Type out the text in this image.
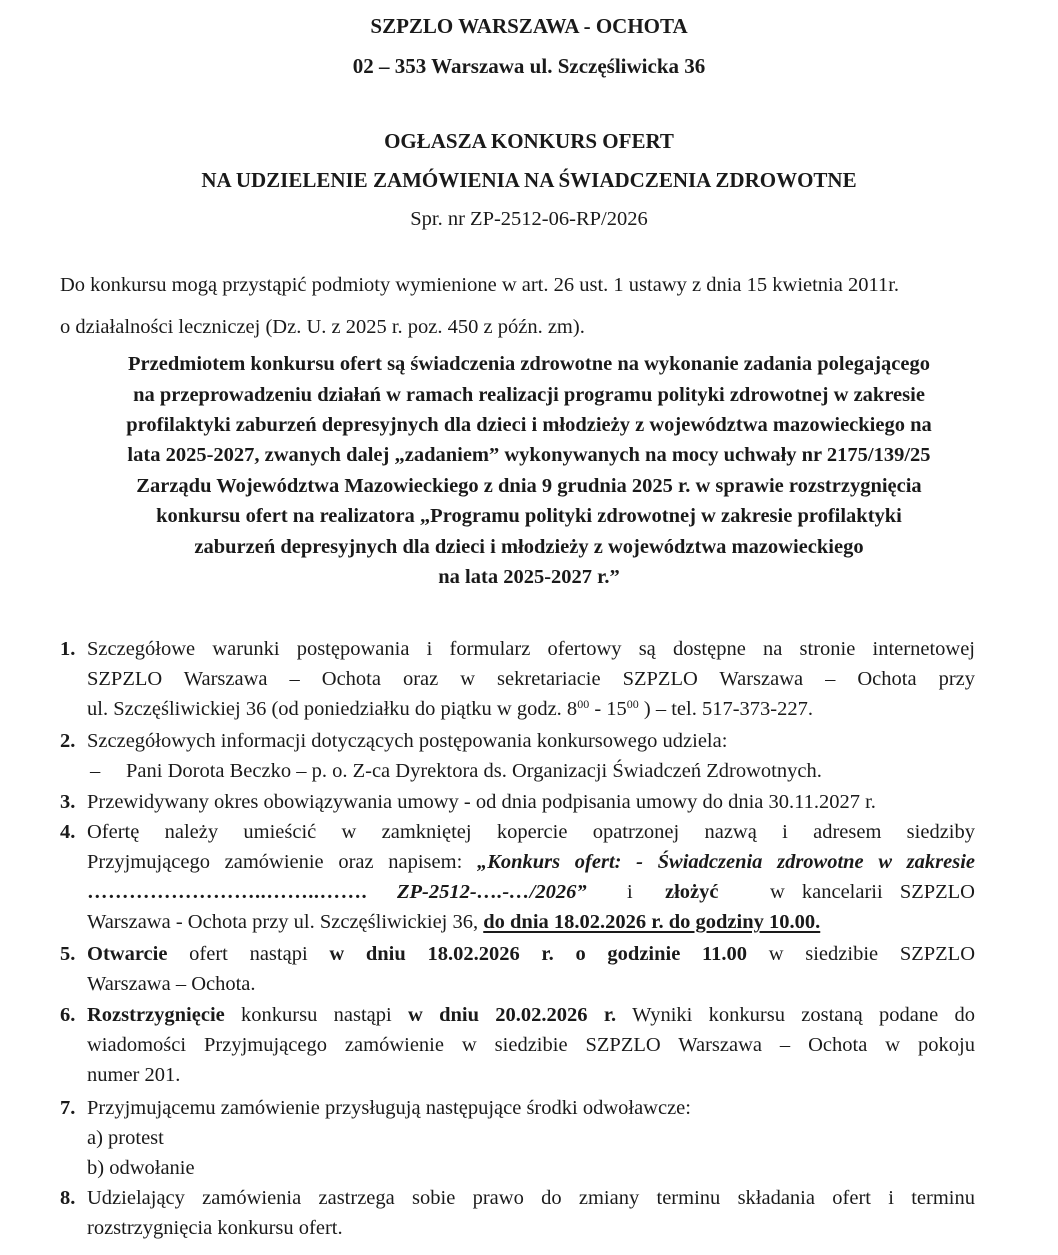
SZPZLO WARSZAWA - OCHOTA
02 – 353 Warszawa ul. Szczęśliwicka 36
OGŁASZA KONKURS OFERT
NA UDZIELENIE ZAMÓWIENIA NA ŚWIADCZENIA ZDROWOTNE
Spr. nr ZP-2512-06-RP/2026
Do konkursu mogą przystąpić podmioty wymienione w art. 26 ust. 1 ustawy z dnia 15 kwietnia 2011r.
o działalności leczniczej (Dz. U. z 2025 r. poz. 450 z późn. zm).
Przedmiotem konkursu ofert są świadczenia zdrowotne na wykonanie zadania polegającego
na przeprowadzeniu działań w ramach realizacji programu polityki zdrowotnej w zakresie
profilaktyki zaburzeń depresyjnych dla dzieci i młodzieży z województwa mazowieckiego na
lata 2025-2027, zwanych dalej „zadaniem” wykonywanych na mocy uchwały nr 2175/139/25
Zarządu Województwa Mazowieckiego z dnia 9 grudnia 2025 r. w sprawie rozstrzygnięcia
konkursu ofert na realizatora „Programu polityki zdrowotnej w zakresie profilaktyki
zaburzeń depresyjnych dla dzieci i młodzieży z województwa mazowieckiego
na lata 2025-2027 r.”
1. Szczegółowe warunki postępowania i formularz ofertowy są dostępne na stronie internetowej
SZPZLO Warszawa – Ochota oraz w sekretariacie SZPZLO Warszawa – Ochota przy
ul. Szczęśliwickiej 36 (od poniedziałku do piątku w godz. $8^{00} - 15^{00}$ ) – tel. 517-373-227.
2. Szczegółowych informacji dotyczących postępowania konkursowego udziela:
– Pani Dorota Beczko – p. o. Z-ca Dyrektora ds. Organizacji Świadczeń Zdrowotnych.
3. Przewidywany okres obowiązywania umowy - od dnia podpisania umowy do dnia 30.11.2027 r.
4. Ofertę należy umieścić w zamkniętej kopercie opatrzonej nazwą i adresem siedziby
Przyjmującego zamówienie oraz napisem: „Konkurs ofert: - Świadczenia zdrowotne w zakresie
……………………..……..……. ZP-2512-….-…/2026” i złożyć	w kancelarii SZPZLO
Warszawa - Ochota przy ul. Szczęśliwickiej 36, do dnia 18.02.2026 r. do godziny 10.00.
5. Otwarcie ofert nastąpi w dniu 18.02.2026 r. o godzinie 11.00 w siedzibie SZPZLO
Warszawa – Ochota.
6. Rozstrzygnięcie konkursu nastąpi w dniu 20.02.2026 r. Wyniki konkursu zostaną podane do
wiadomości Przyjmującego zamówienie w siedzibie SZPZLO Warszawa – Ochota w pokoju
numer 201.
7. Przyjmującemu zamówienie przysługują następujące środki odwoławcze:
a) protest
b) odwołanie
8. Udzielający zamówienia zastrzega sobie prawo do zmiany terminu składania ofert i terminu
rozstrzygnięcia konkursu ofert.
